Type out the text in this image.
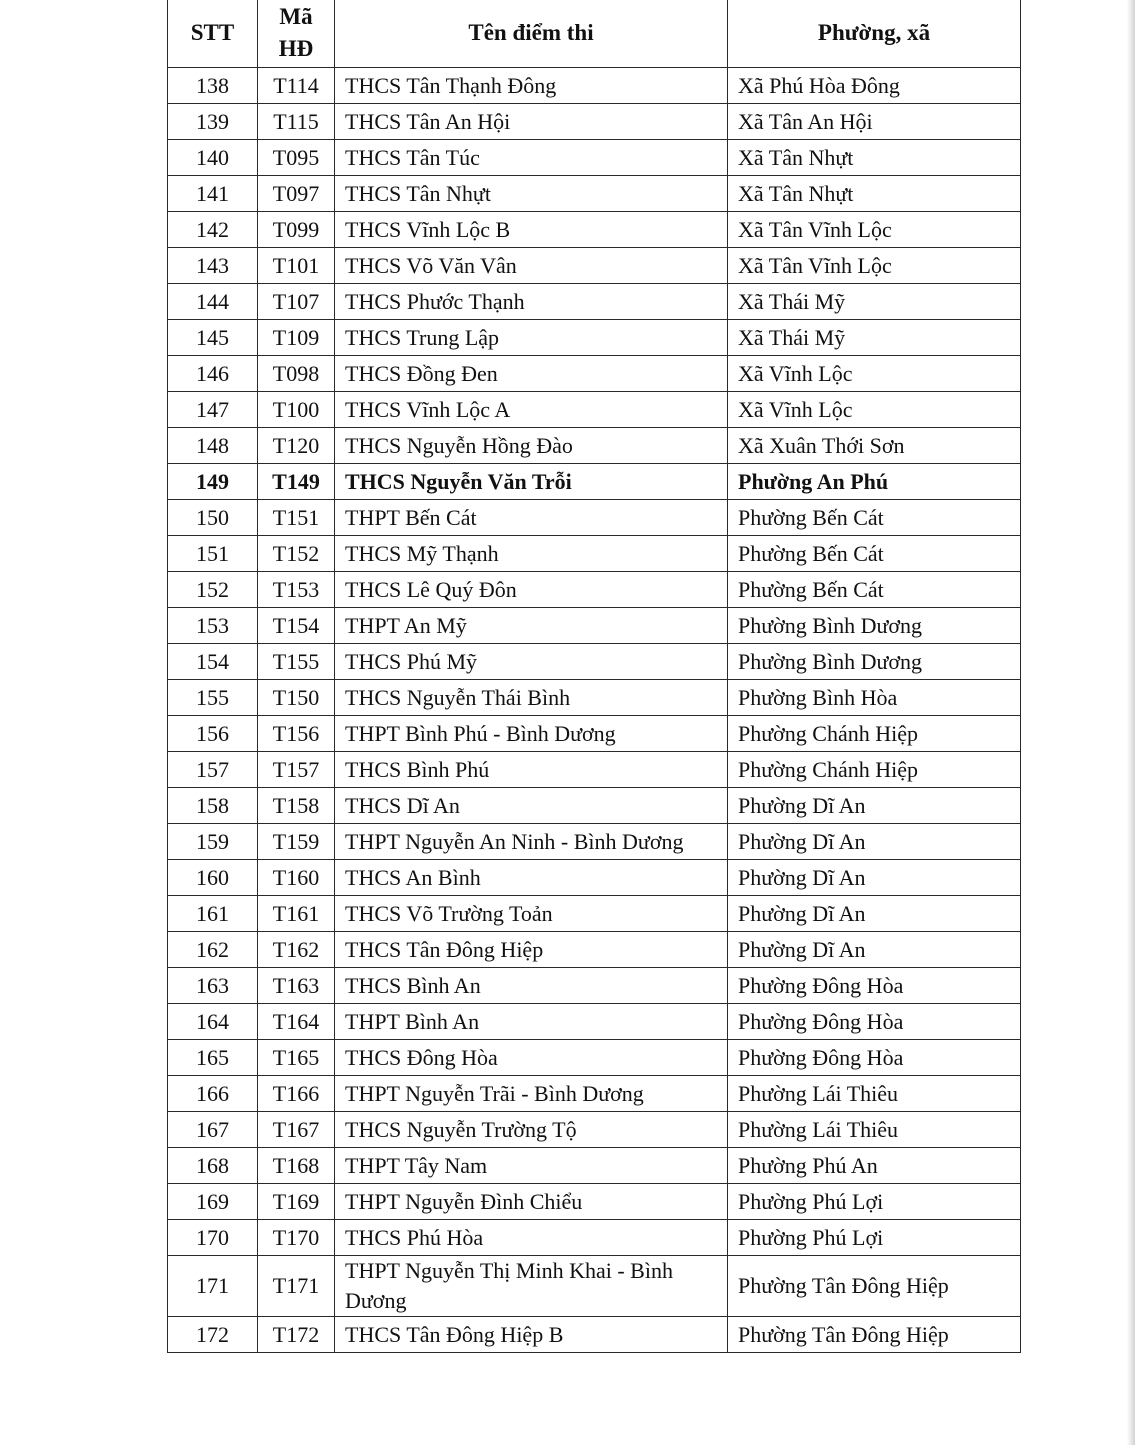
STT	Mã HĐ	Tên điểm thi	Phường, xã
138	T114	THCS Tân Thạnh Đông	Xã Phú Hòa Đông
139	T115	THCS Tân An Hội	Xã Tân An Hội
140	T095	THCS Tân Túc	Xã Tân Nhựt
141	T097	THCS Tân Nhựt	Xã Tân Nhựt
142	T099	THCS Vĩnh Lộc B	Xã Tân Vĩnh Lộc
143	T101	THCS Võ Văn Vân	Xã Tân Vĩnh Lộc
144	T107	THCS Phước Thạnh	Xã Thái Mỹ
145	T109	THCS Trung Lập	Xã Thái Mỹ
146	T098	THCS Đồng Đen	Xã Vĩnh Lộc
147	T100	THCS Vĩnh Lộc A	Xã Vĩnh Lộc
148	T120	THCS Nguyễn Hồng Đào	Xã Xuân Thới Sơn
149	T149	THCS Nguyễn Văn Trỗi	Phường An Phú
150	T151	THPT Bến Cát	Phường Bến Cát
151	T152	THCS Mỹ Thạnh	Phường Bến Cát
152	T153	THCS Lê Quý Đôn	Phường Bến Cát
153	T154	THPT An Mỹ	Phường Bình Dương
154	T155	THCS Phú Mỹ	Phường Bình Dương
155	T150	THCS Nguyễn Thái Bình	Phường Bình Hòa
156	T156	THPT Bình Phú - Bình Dương	Phường Chánh Hiệp
157	T157	THCS Bình Phú	Phường Chánh Hiệp
158	T158	THCS Dĩ An	Phường Dĩ An
159	T159	THPT Nguyễn An Ninh - Bình Dương	Phường Dĩ An
160	T160	THCS An Bình	Phường Dĩ An
161	T161	THCS Võ Trường Toản	Phường Dĩ An
162	T162	THCS Tân Đông Hiệp	Phường Dĩ An
163	T163	THCS Bình An	Phường Đông Hòa
164	T164	THPT Bình An	Phường Đông Hòa
165	T165	THCS Đông Hòa	Phường Đông Hòa
166	T166	THPT Nguyễn Trãi - Bình Dương	Phường Lái Thiêu
167	T167	THCS Nguyễn Trường Tộ	Phường Lái Thiêu
168	T168	THPT Tây Nam	Phường Phú An
169	T169	THPT Nguyễn Đình Chiểu	Phường Phú Lợi
170	T170	THCS Phú Hòa	Phường Phú Lợi
171	T171	THPT Nguyễn Thị Minh Khai - Bình Dương	Phường Tân Đông Hiệp
172	T172	THCS Tân Đông Hiệp B	Phường Tân Đông Hiệp
